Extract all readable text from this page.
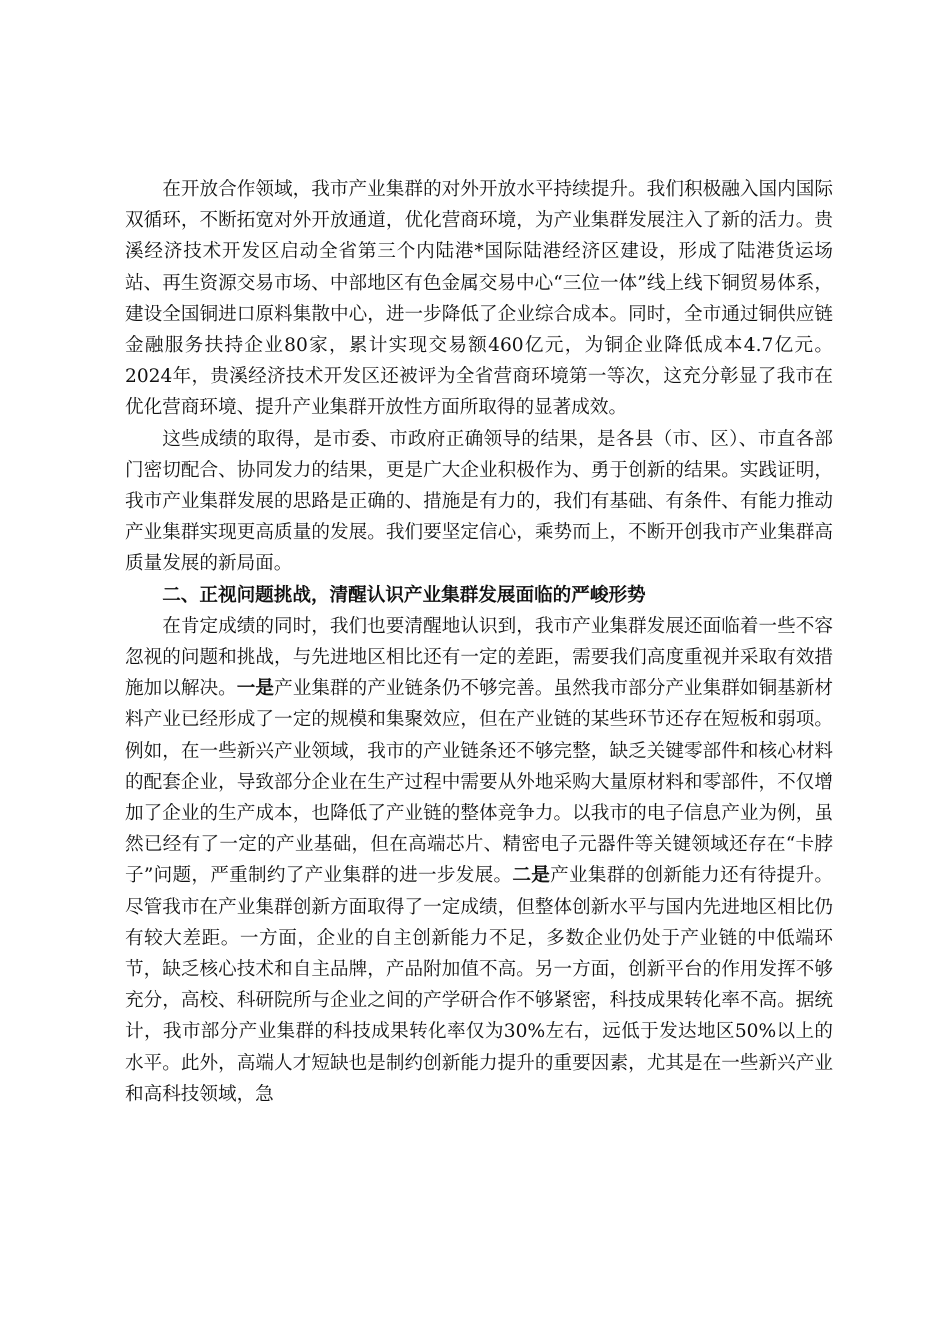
在开放合作领域，我市产业集群的对外开放水平持续提升。我们积极融入国内国际双循环，不断拓宽对外开放通道，优化营商环境，为产业集群发展注入了新的活力。贵溪经济技术开发区启动全省第三个内陆港*国际陆港经济区建设，形成了陆港货运场站、再生资源交易市场、中部地区有色金属交易中心“三位一体”线上线下铜贸易体系，建设全国铜进口原料集散中心，进一步降低了企业综合成本。同时，全市通过铜供应链金融服务扶持企业80家，累计实现交易额460亿元，为铜企业降低成本4.7亿元。2024年，贵溪经济技术开发区还被评为全省营商环境第一等次，这充分彰显了我市在优化营商环境、提升产业集群开放性方面所取得的显著成效。

这些成绩的取得，是市委、市政府正确领导的结果，是各县（市、区）、市直各部门密切配合、协同发力的结果，更是广大企业积极作为、勇于创新的结果。实践证明，我市产业集群发展的思路是正确的、措施是有力的，我们有基础、有条件、有能力推动产业集群实现更高质量的发展。我们要坚定信心，乘势而上，不断开创我市产业集群高质量发展的新局面。

二、正视问题挑战，清醒认识产业集群发展面临的严峻形势

在肯定成绩的同时，我们也要清醒地认识到，我市产业集群发展还面临着一些不容忽视的问题和挑战，与先进地区相比还有一定的差距，需要我们高度重视并采取有效措施加以解决。一是产业集群的产业链条仍不够完善。虽然我市部分产业集群如铜基新材料产业已经形成了一定的规模和集聚效应，但在产业链的某些环节还存在短板和弱项。例如，在一些新兴产业领域，我市的产业链条还不够完整，缺乏关键零部件和核心材料的配套企业，导致部分企业在生产过程中需要从外地采购大量原材料和零部件，不仅增加了企业的生产成本，也降低了产业链的整体竞争力。以我市的电子信息产业为例，虽然已经有了一定的产业基础，但在高端芯片、精密电子元器件等关键领域还存在“卡脖子”问题，严重制约了产业集群的进一步发展。二是产业集群的创新能力还有待提升。尽管我市在产业集群创新方面取得了一定成绩，但整体创新水平与国内先进地区相比仍有较大差距。一方面，企业的自主创新能力不足，多数企业仍处于产业链的中低端环节，缺乏核心技术和自主品牌，产品附加值不高。另一方面，创新平台的作用发挥不够充分，高校、科研院所与企业之间的产学研合作不够紧密，科技成果转化率不高。据统计，我市部分产业集群的科技成果转化率仅为30%左右，远低于发达地区50%以上的水平。此外，高端人才短缺也是制约创新能力提升的重要因素，尤其是在一些新兴产业和高科技领域，急
